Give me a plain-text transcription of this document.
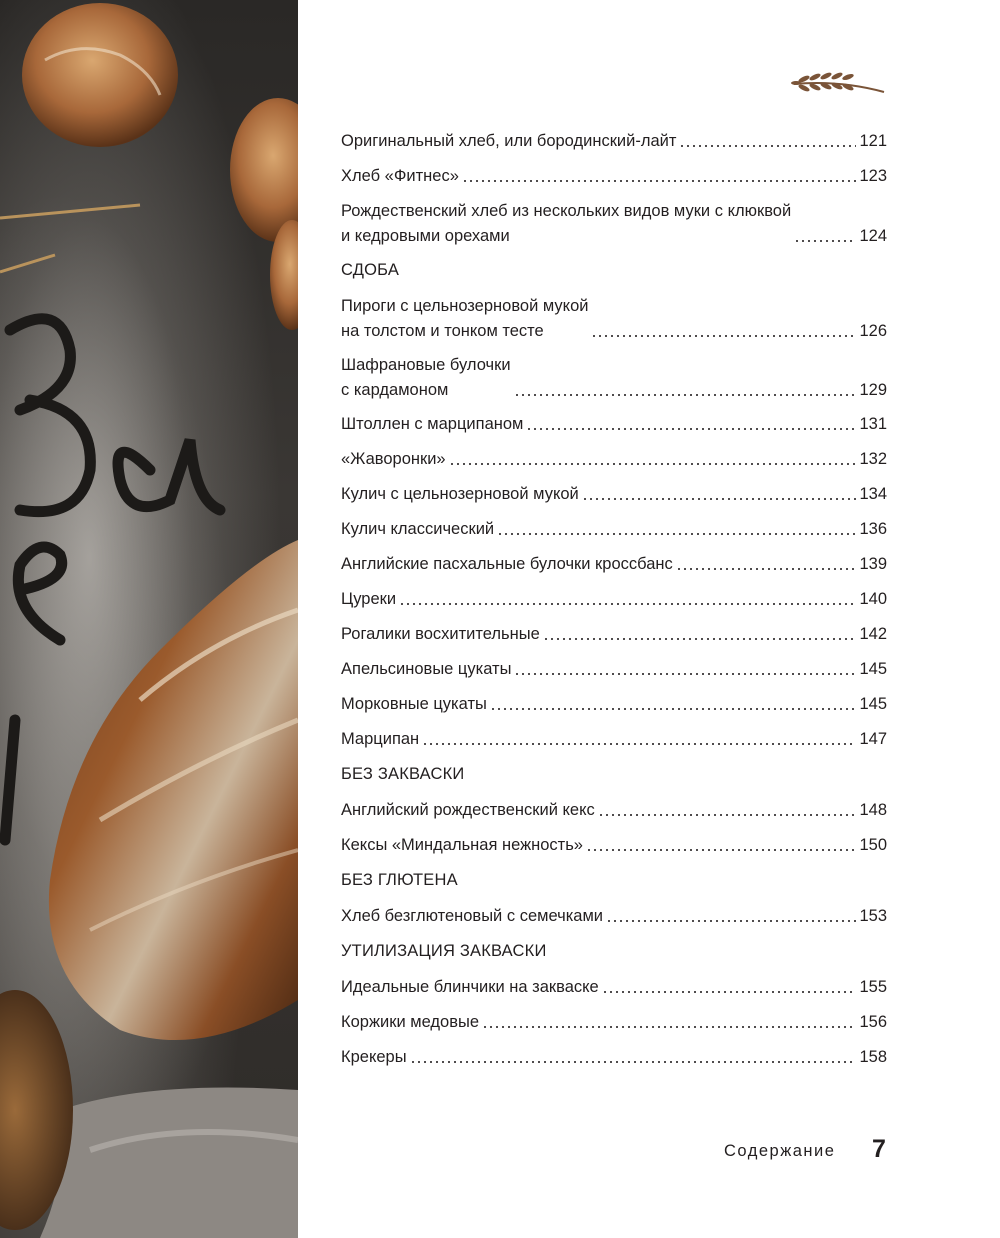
Оригинальный хлеб, или бородинский-лайт	121
Хлеб «Фитнес»	123
Рождественский хлеб из нескольких видов муки с клюквой
и кедровыми орехами	124
СДОБА
Пироги с цельнозерновой мукой
на толстом и тонком тесте	126
Шафрановые булочки
с кардамоном	129
Штоллен с марципаном	131
«Жаворонки»	132
Кулич с цельнозерновой мукой	134
Кулич классический	136
Английские пасхальные булочки кроссбанс	139
Цуреки	140
Рогалики восхитительные	142
Апельсиновые цукаты	145
Морковные цукаты	145
Марципан	147
БЕЗ ЗАКВАСКИ
Английский рождественский кекс	148
Кексы «Миндальная нежность»	150
БЕЗ ГЛЮТЕНА
Хлеб безглютеновый с семечками	153
УТИЛИЗАЦИЯ ЗАКВАСКИ
Идеальные блинчики на закваске	155
Коржики медовые	156
Крекеры	158
Содержание 7
